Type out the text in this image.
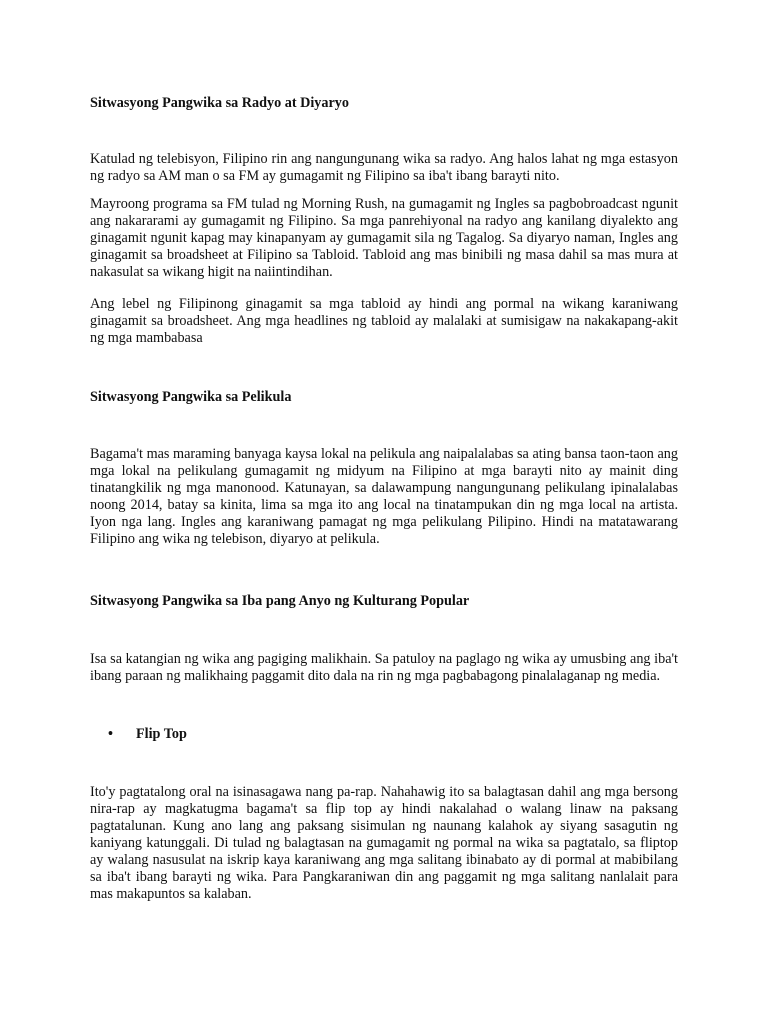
Sitwasyong Pangwika sa Radyo at Diyaryo

Katulad ng telebisyon, Filipino rin ang nangungunang wika sa radyo. Ang halos lahat ng mga estasyon ng radyo sa AM man o sa FM ay gumagamit ng Filipino sa iba't ibang barayti nito.

Mayroong programa sa FM tulad ng Morning Rush, na gumagamit ng Ingles sa pagbobroadcast ngunit ang nakararami ay gumagamit ng Filipino. Sa mga panrehiyonal na radyo ang kanilang diyalekto ang ginagamit ngunit kapag may kinapanyam ay gumagamit sila ng Tagalog. Sa diyaryo naman, Ingles ang ginagamit sa broadsheet at Filipino sa Tabloid. Tabloid ang mas binibili ng masa dahil sa mas mura at nakasulat sa wikang higit na naiintindihan.

Ang lebel ng Filipinong ginagamit sa mga tabloid ay hindi ang pormal na wikang karaniwang ginagamit sa broadsheet. Ang mga headlines ng tabloid ay malalaki at sumisigaw na nakakapang-akit ng mga mambabasa

Sitwasyong Pangwika sa Pelikula

Bagama't mas maraming banyaga kaysa lokal na pelikula ang naipalalabas sa ating bansa taon-taon ang mga lokal na pelikulang gumagamit ng midyum na Filipino at mga barayti nito ay mainit ding tinatangkilik ng mga manonood. Katunayan, sa dalawampung nangungunang pelikulang ipinalalabas noong 2014, batay sa kinita, lima sa mga ito ang local na tinatampukan din ng mga local na artista. Iyon nga lang. Ingles ang karaniwang pamagat ng mga pelikulang Pilipino. Hindi na matatawarang Filipino ang wika ng telebison, diyaryo at pelikula.

Sitwasyong Pangwika sa Iba pang Anyo ng Kulturang Popular

Isa sa katangian ng wika ang pagiging malikhain. Sa patuloy na paglago ng wika ay umusbing ang iba't ibang paraan ng malikhaing paggamit dito dala na rin ng mga pagbabagong pinalalaganap ng media.

•	Flip Top

Ito'y pagtatalong oral na isinasagawa nang pa-rap. Nahahawig ito sa balagtasan dahil ang mga bersong nira-rap ay magkatugma bagama't sa flip top ay hindi nakalahad o walang linaw na paksang pagtatalunan. Kung ano lang ang paksang sisimulan ng naunang kalahok ay siyang sasagutin ng kaniyang katunggali. Di tulad ng balagtasan na gumagamit ng pormal na wika sa pagtatalo, sa fliptop ay walang nasusulat na iskrip kaya karaniwang ang mga salitang ibinabato ay di pormal at mabibilang sa iba't ibang barayti ng wika. Para Pangkaraniwan din ang paggamit ng mga salitang nanlalait para mas makapuntos sa kalaban.
